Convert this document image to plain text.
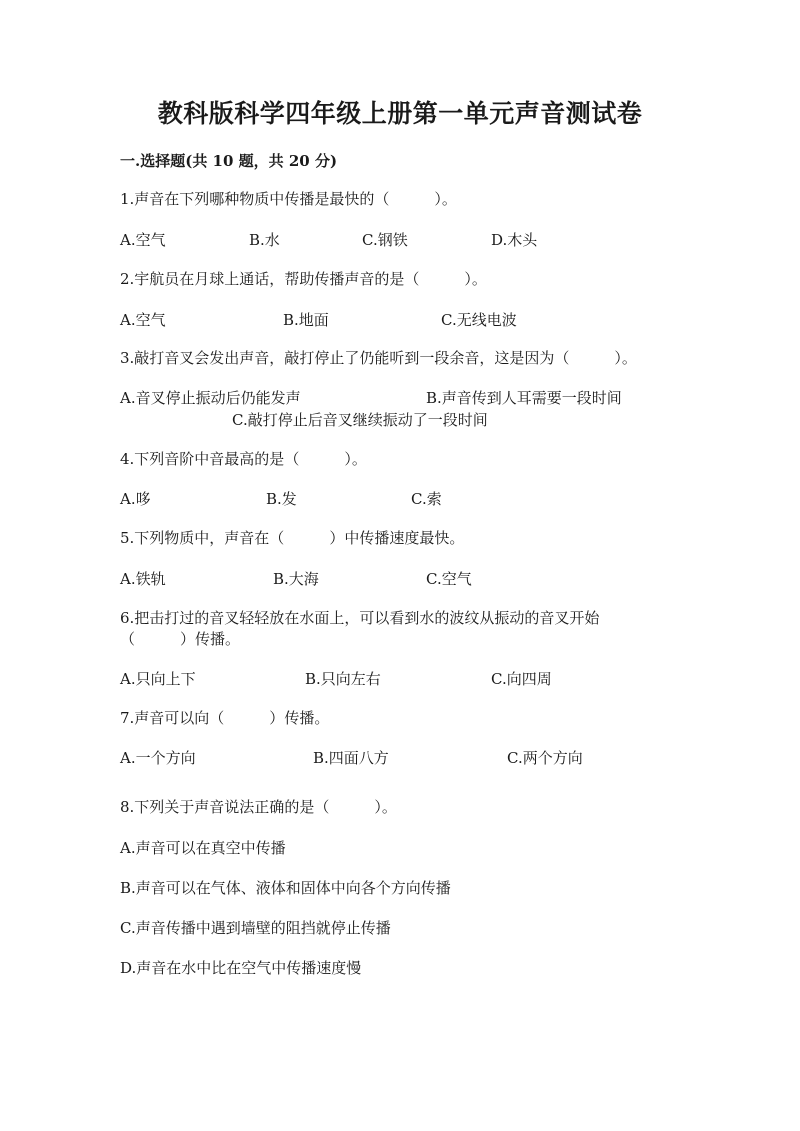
教科版科学四年级上册第一单元声音测试卷
一.选择题(共 10 题，共 20 分)
1.声音在下列哪种物质中传播是最快的（　　　）。
A.空气	B.水	C.钢铁	D.木头
2.宇航员在月球上通话，帮助传播声音的是（　　　）。
A.空气	B.地面	C.无线电波
3.敲打音叉会发出声音，敲打停止了仍能听到一段余音，这是因为（　　　）。
A.音叉停止振动后仍能发声	B.声音传到人耳需要一段时间
C.敲打停止后音叉继续振动了一段时间
4.下列音阶中音最高的是（　　　）。
A.哆	B.发	C.索
5.下列物质中，声音在（　　　）中传播速度最快。
A.铁轨	B.大海	C.空气
6.把击打过的音叉轻轻放在水面上，可以看到水的波纹从振动的音叉开始
（　　　）传播。
A.只向上下	B.只向左右	C.向四周
7.声音可以向（　　　）传播。
A.一个方向	B.四面八方	C.两个方向
8.下列关于声音说法正确的是（　　　）。
A.声音可以在真空中传播
B.声音可以在气体、液体和固体中向各个方向传播
C.声音传播中遇到墙壁的阻挡就停止传播
D.声音在水中比在空气中传播速度慢
